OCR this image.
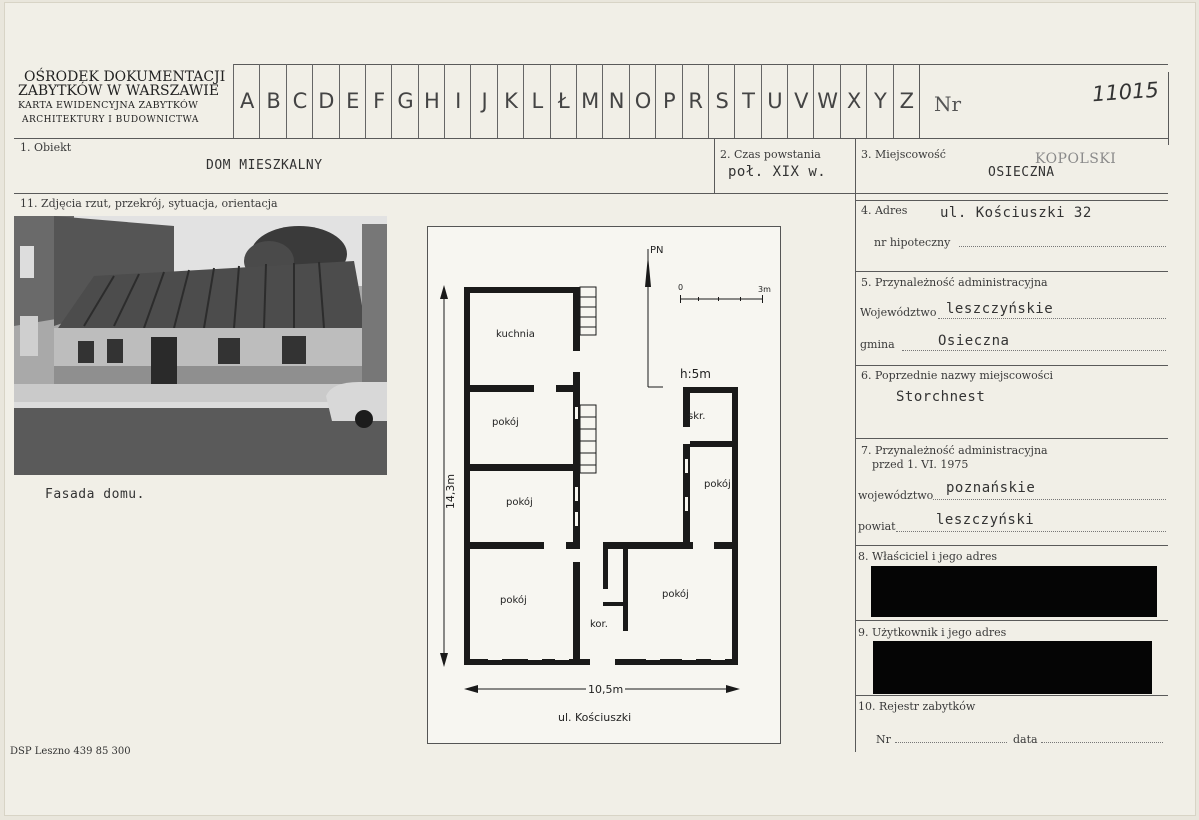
OŚRODEK DOKUMENTACJI
ZABYTKÓW W WARSZAWIE
KARTA EWIDENCYJNA ZABYTKÓW
ARCHITEKTURY I BUDOWNICTWA
A B C D E F G H I J K L Ł M N O P R S T U V W X Y Z	Nr	11015
1. Obiekt
DOM MIESZKALNY
2. Czas powstania
poł. XIX w.
3. Miejscowość	KOPOLSKI
OSIECZNA
11. Zdjęcia rzut, przekrój, sytuacja, orientacja
4. Adres ul. Kościuszki 32
nr hipoteczny
5. Przynależność administracyjna
Województwo leszczyńskie
gmina	Osieczna
6. Poprzednie nazwy miejscowości
Storchnest
7. Przynależność administracyjna
przed 1. VI. 1975
województwo poznańskie
powiat	leszczyński
8. Właściciel i jego adres
9. Użytkownik i jego adres
10. Rejestr zabytków
Nr	data
Fasada domu.
kuchnia
pokój
pokój
pokój
pokój
pokój
skr.
kor.
PN
0	3m
h:5m
14,3m
10,5m
ul. Kościuszki
DSP Leszno 439 85 300
